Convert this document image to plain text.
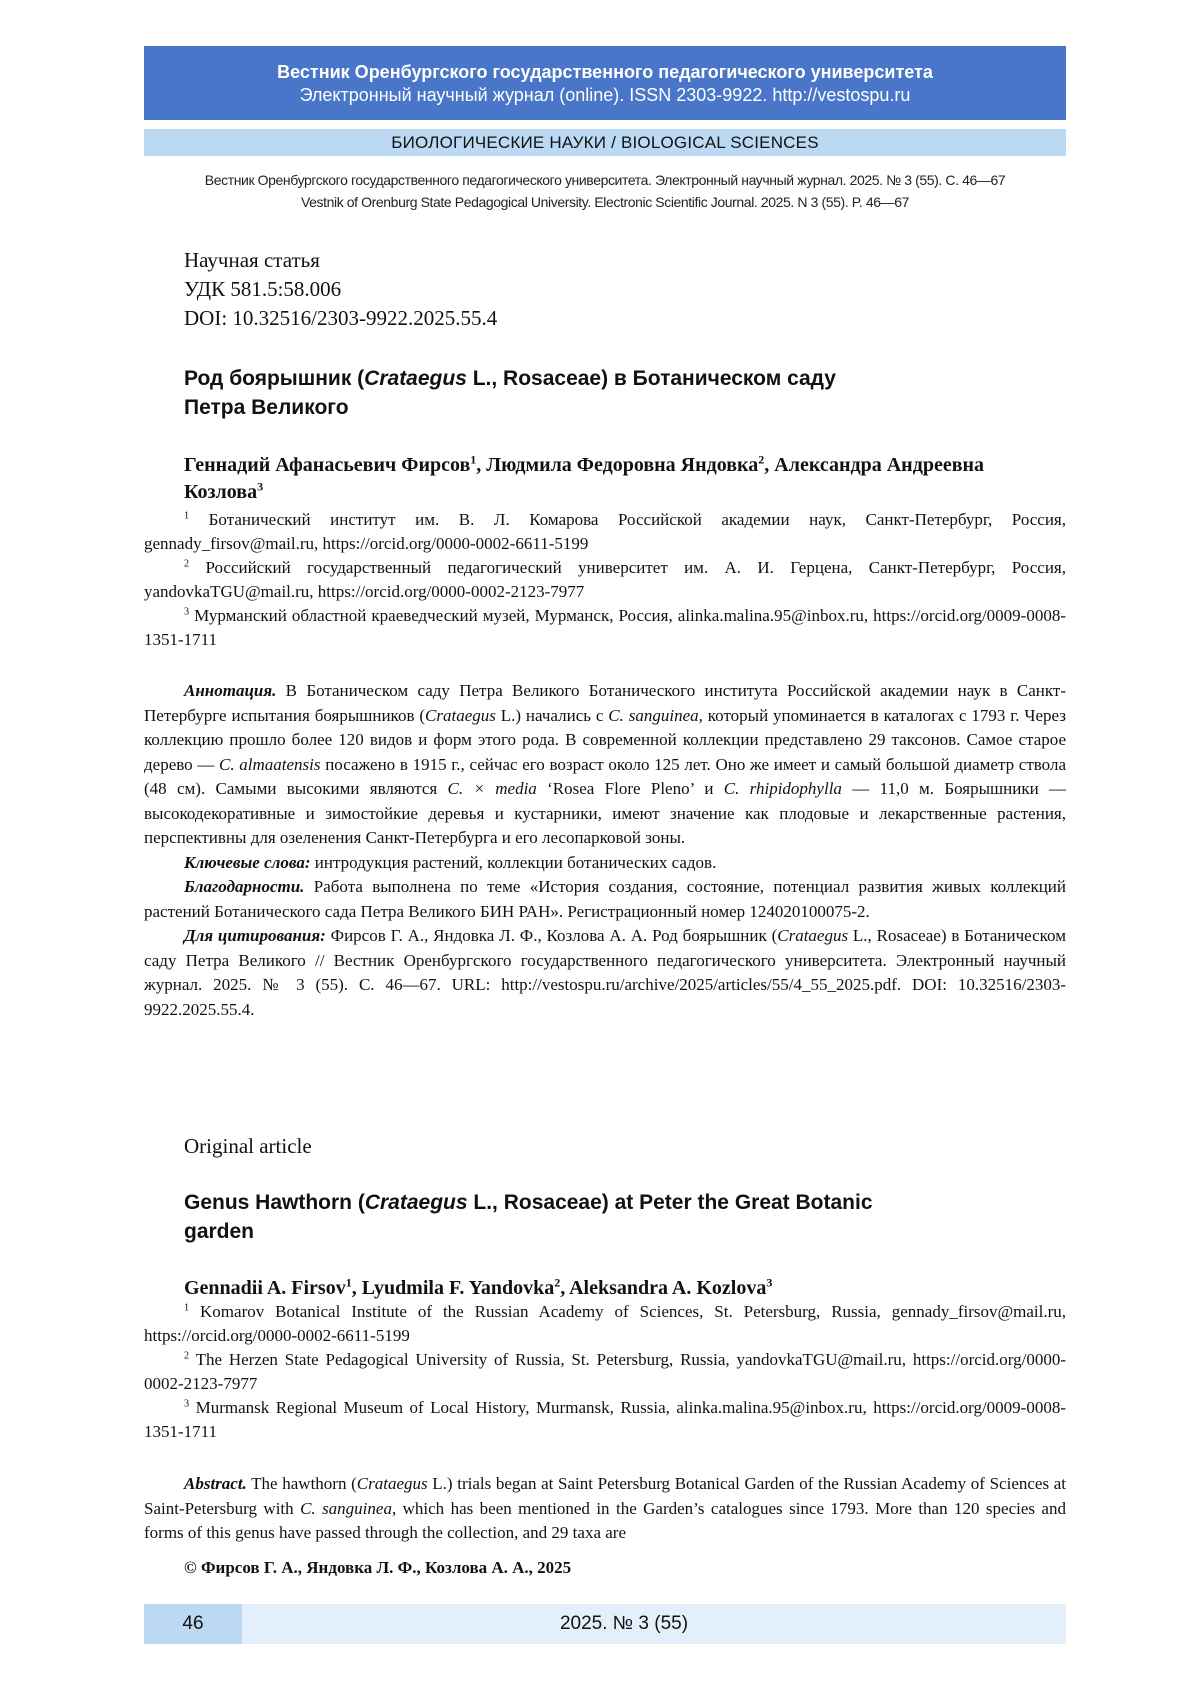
Вестник Оренбургского государственного педагогического университета
Электронный научный журнал (online). ISSN 2303-9922. http://vestospu.ru
БИОЛОГИЧЕСКИЕ НАУКИ / BIOLOGICAL SCIENCES
Вестник Оренбургского государственного педагогического университета. Электронный научный журнал. 2025. № 3 (55). С. 46—67
Vestnik of Orenburg State Pedagogical University. Electronic Scientific Journal. 2025. N 3 (55). P. 46—67
Научная статья
УДК 581.5:58.006
DOI: 10.32516/2303-9922.2025.55.4
Род боярышник (Crataegus L., Rosaceae) в Ботаническом саду
Петра Великого
Геннадий Афанасьевич Фирсов$^1$, Людмила Федоровна Яндовка$^2$, Александра Андреевна Козлова$^3$

$^1$ Ботанический институт им. В. Л. Комарова Российской академии наук, Санкт-Петербург, Россия, gennady_firsov@mail.ru, https://orcid.org/0000-0002-6611-5199

$^2$ Российский государственный педагогический университет им. А. И. Герцена, Санкт-Петербург, Россия, yandovkaTGU@mail.ru, https://orcid.org/0000-0002-2123-7977

$^3$ Мурманский областной краеведческий музей, Мурманск, Россия, alinka.malina.95@inbox.ru, https://orcid.org/0009-0008-1351-1711

Аннотация. В Ботаническом саду Петра Великого Ботанического института Российской академии наук в Санкт-Петербурге испытания боярышников (Crataegus L.) начались с C. sanguinea, который упоминается в каталогах с 1793 г. Через коллекцию прошло более 120 видов и форм этого рода. В современной коллекции представлено 29 таксонов. Самое старое дерево — C. almaatensis посажено в 1915 г., сейчас его возраст около 125 лет. Оно же имеет и самый большой диаметр ствола (48 см). Самыми высокими являются C. × media ‘Rosea Flore Pleno’ и C. rhipidophylla — 11,0 м. Боярышники — высокодекоративные и зимостойкие деревья и кустарники, имеют значение как плодовые и лекарственные растения, перспективны для озеленения Санкт-Петербурга и его лесопарковой зоны.

Ключевые слова: интродукция растений, коллекции ботанических садов.

Благодарности. Работа выполнена по теме «История создания, состояние, потенциал развития живых коллекций растений Ботанического сада Петра Великого БИН РАН». Регистрационный номер 124020100075-2.

Для цитирования: Фирсов Г. А., Яндовка Л. Ф., Козлова А. А. Род боярышник (Crataegus L., Rosaceae) в Ботаническом саду Петра Великого // Вестник Оренбургского государственного педагогического университета. Электронный научный журнал. 2025. № 3 (55). С. 46—67. URL: http://vestospu.ru/archive/2025/articles/55/4_55_2025.pdf. DOI: 10.32516/2303-9922.2025.55.4.

Original article
Genus Hawthorn (Crataegus L., Rosaceae) at Peter the Great Botanic
garden
Gennadii A. Firsov$^1$, Lyudmila F. Yandovka$^2$, Aleksandra A. Kozlova$^3$

$^1$ Komarov Botanical Institute of the Russian Academy of Sciences, St. Petersburg, Russia, gennady_firsov@mail.ru, https://orcid.org/0000-0002-6611-5199

$^2$ The Herzen State Pedagogical University of Russia, St. Petersburg, Russia, yandovkaTGU@mail.ru, https://orcid.org/0000-0002-2123-7977

$^3$ Murmansk Regional Museum of Local History, Murmansk, Russia, alinka.malina.95@inbox.ru, https://orcid.org/0009-0008-1351-1711

Abstract. The hawthorn (Crataegus L.) trials began at Saint Petersburg Botanical Garden of the Russian Academy of Sciences at Saint-Petersburg with C. sanguinea, which has been mentioned in the Garden’s catalogues since 1793. More than 120 species and forms of this genus have passed through the collection, and 29 taxa are

© Фирсов Г. А., Яндовка Л. Ф., Козлова А. А., 2025
46	2025. № 3 (55)
